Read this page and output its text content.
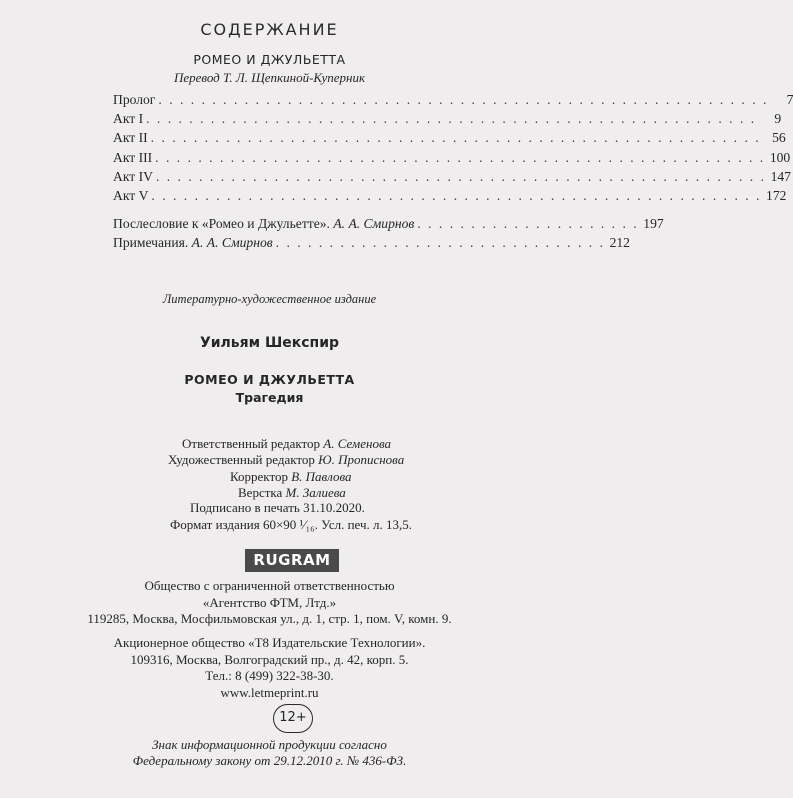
СОДЕРЖАНИЕ
РОМЕО И ДЖУЛЬЕТТА
Перевод Т. Л. Щепкиной-Куперник
Пролог . . . . . . . . . . . . . . . . . . . . . . . . . . . . . . . . . . . . . . . . . . . . . . . . . . . . . . . . .	7
Акт I . . . . . . . . . . . . . . . . . . . . . . . . . . . . . . . . . . . . . . . . . . . . . . . . . . . . . . . . .	9
Акт II . . . . . . . . . . . . . . . . . . . . . . . . . . . . . . . . . . . . . . . . . . . . . . . . . . . . . . . . . 56
Акт III . . . . . . . . . . . . . . . . . . . . . . . . . . . . . . . . . . . . . . . . . . . . . . . . . . . . . . . . . 100
Акт IV . . . . . . . . . . . . . . . . . . . . . . . . . . . . . . . . . . . . . . . . . . . . . . . . . . . . . . . . . 147
Акт V . . . . . . . . . . . . . . . . . . . . . . . . . . . . . . . . . . . . . . . . . . . . . . . . . . . . . . . . . 172
Послесловие к «Ромео и Джульетте». А. А. Смирнов . . . . . . . . . . . . . . . . . . . . . 197
Примечания. А. А. Смирнов . . . . . . . . . . . . . . . . . . . . . . . . . . . . . . . 212
Литературно-художественное издание
Уильям Шекспир
РОМЕО И ДЖУЛЬЕТТА
Трагедия
Ответственный редактор А. Семенова
Художественный редактор Ю. Прописнова
Корректор В. Павлова
Верстка М. Залиева
Подписано в печать 31.10.2020.
Формат издания 60×90 ¹⁄₁₆. Усл. печ. л. 13,5.
RUGRAM
Общество с ограниченной ответственностью
«Агентство ФТМ, Лтд.»
119285, Москва, Мосфильмовская ул., д. 1, стр. 1, пом. V, комн. 9.
Акционерное общество «Т8 Издательские Технологии».
109316, Москва, Волгоградский пр., д. 42, корп. 5.
Тел.: 8 (499) 322-38-30.
www.letmeprint.ru
12+
Знак информационной продукции согласно
Федеральному закону от 29.12.2010 г. № 436-ФЗ.
